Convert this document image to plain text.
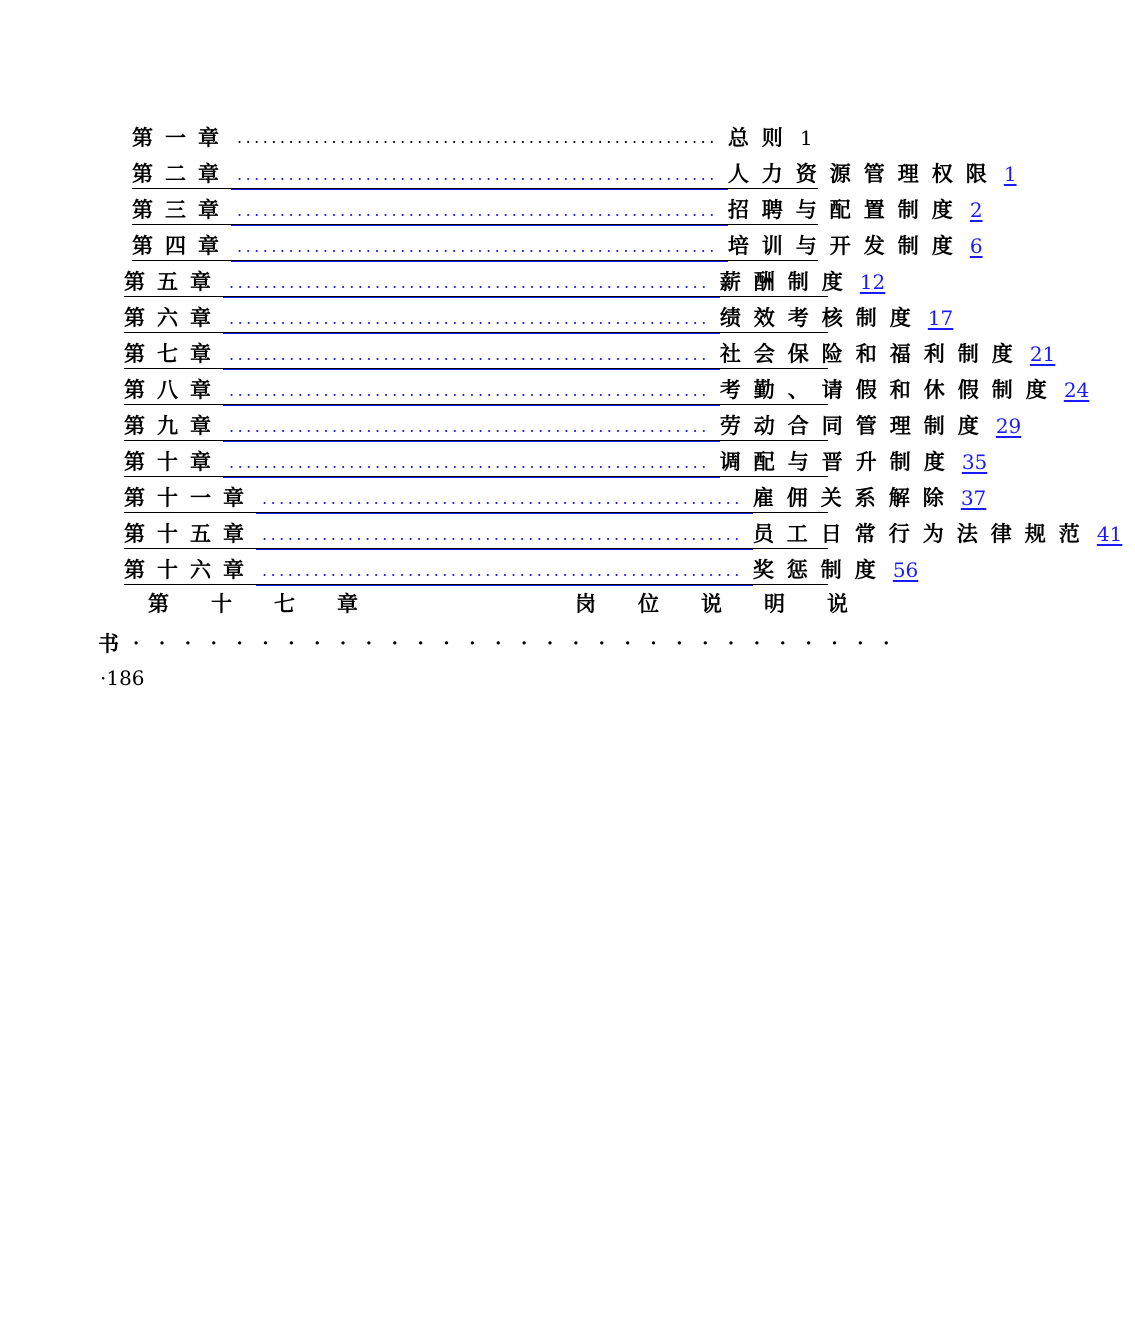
第一章 ........................................................ 总则 1
第二章 ........................................................ 人力资源管理权限 1
第三章 ........................................................ 招聘与配置制度 2
第四章 ........................................................ 培训与开发制度 6
第五章 ........................................................ 薪酬制度 12
第六章 ........................................................ 绩效考核制度 17
第七章 ........................................................ 社会保险和福利制度 21
第八章 ........................................................ 考勤、请假和休假制度 24
第九章 ........................................................ 劳动合同管理制度 29
第十章 ........................................................ 调配与晋升制度 35
第十一章 ........................................................ 雇佣关系解除 37
第十五章 ........................................................ 员工日常行为法律规范 41
第十六章 ........................................................ 奖惩制度 56
第 十 七 章	岗 位 说 明 说
书 ······························
·186
